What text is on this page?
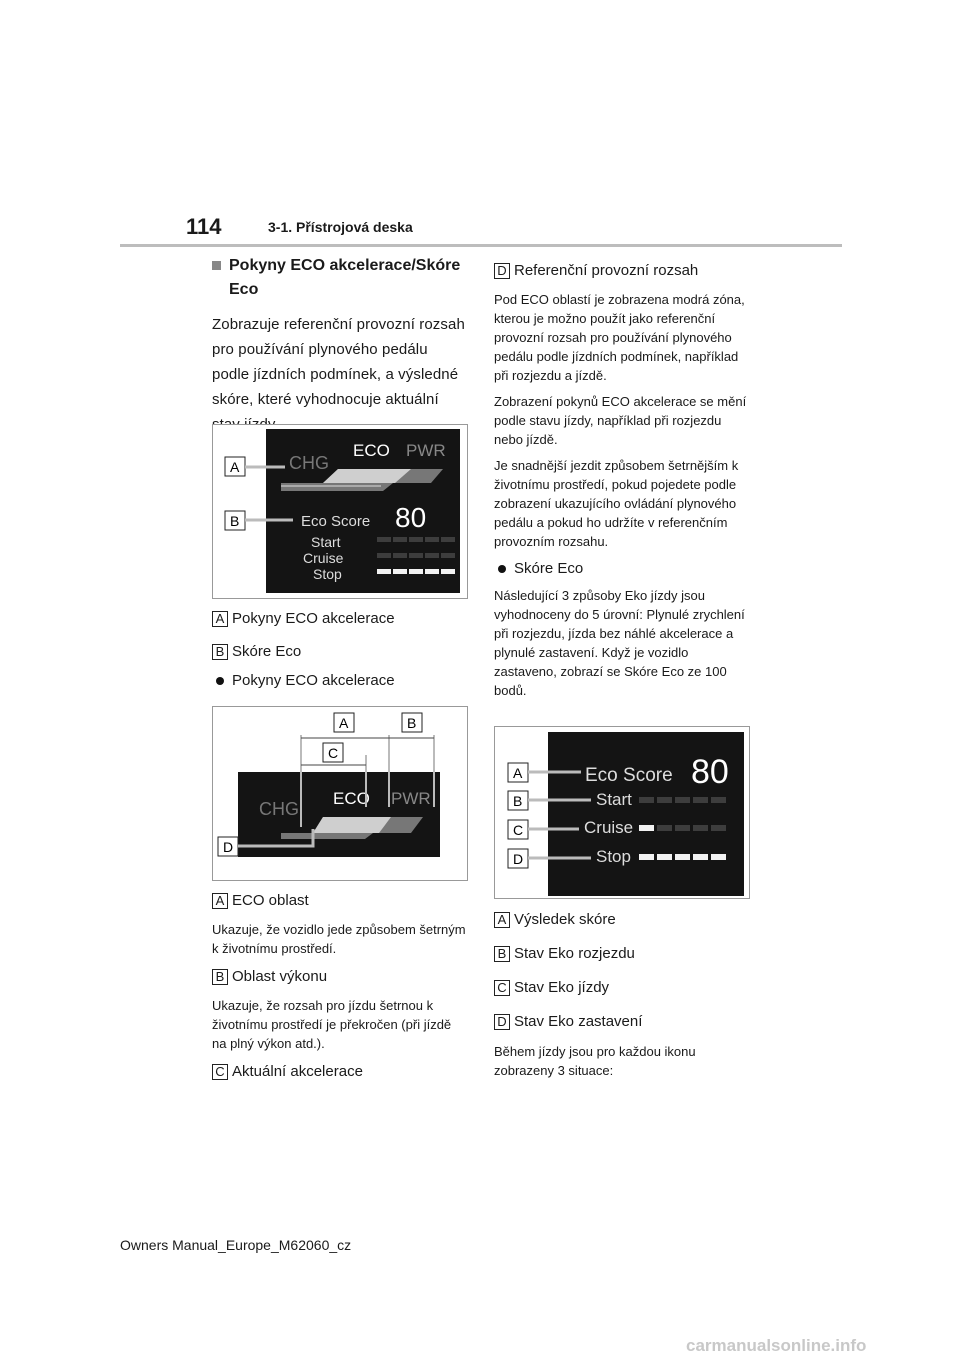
114	3-1. Přístrojová deska
Pokyny ECO akcelerace/Skóre Eco
Zobrazuje referenční provozní rozsah pro používání plynového pedálu podle jízdních podmínek, a výsledné skóre, které vyhodnocuje aktuální
CHG
ECO PWR
Eco Score 80
Start
Cruise
Stop
A
B
A Pokyny ECO akcelerace
B Skóre Eco
Pokyny ECO akcelerace
CHG
ECO PWR
A	B
C
D
A ECO oblast
Ukazuje, že vozidlo jede způsobem šetrným k životnímu prostředí.
B Oblast výkonu
Ukazuje, že rozsah pro jízdu šetrnou k životnímu prostředí je překročen (při jízdě na plný výkon atd.).
C Aktuální akcelerace
D Referenční provozní rozsah
Pod ECO oblastí je zobrazena modrá zóna, kterou je možno použít jako referenční provozní rozsah pro používání plynového pedálu podle jízdních podmínek, například při rozjezdu a jízdě.
Zobrazení pokynů ECO akcelerace se mění podle stavu jízdy, například při rozjezdu nebo jízdě.
Je snadnější jezdit způsobem šetrnějším k životnímu prostředí, pokud pojedete podle zobrazení ukazujícího ovládání plynového pedálu a pokud ho udržíte v referenčním provozním rozsahu.
Skóre Eco
Následující 3 způsoby Eko jízdy jsou vyhodnoceny do 5 úrovní: Plynulé zrychlení při rozjezdu, jízda bez náhlé akcelerace a plynulé zastavení. Když je vozidlo zastaveno, zobrazí se Skóre Eco ze 100 bodů.
Eco Score 80
Start
Cruise
Stop
A
B
C
D
A Výsledek skóre
B Stav Eko rozjezdu
C Stav Eko jízdy
D Stav Eko zastavení
Během jízdy jsou pro každou ikonu zobrazeny 3 situace:
Owners Manual_Europe_M62060_cz
carmanualsonline.info
